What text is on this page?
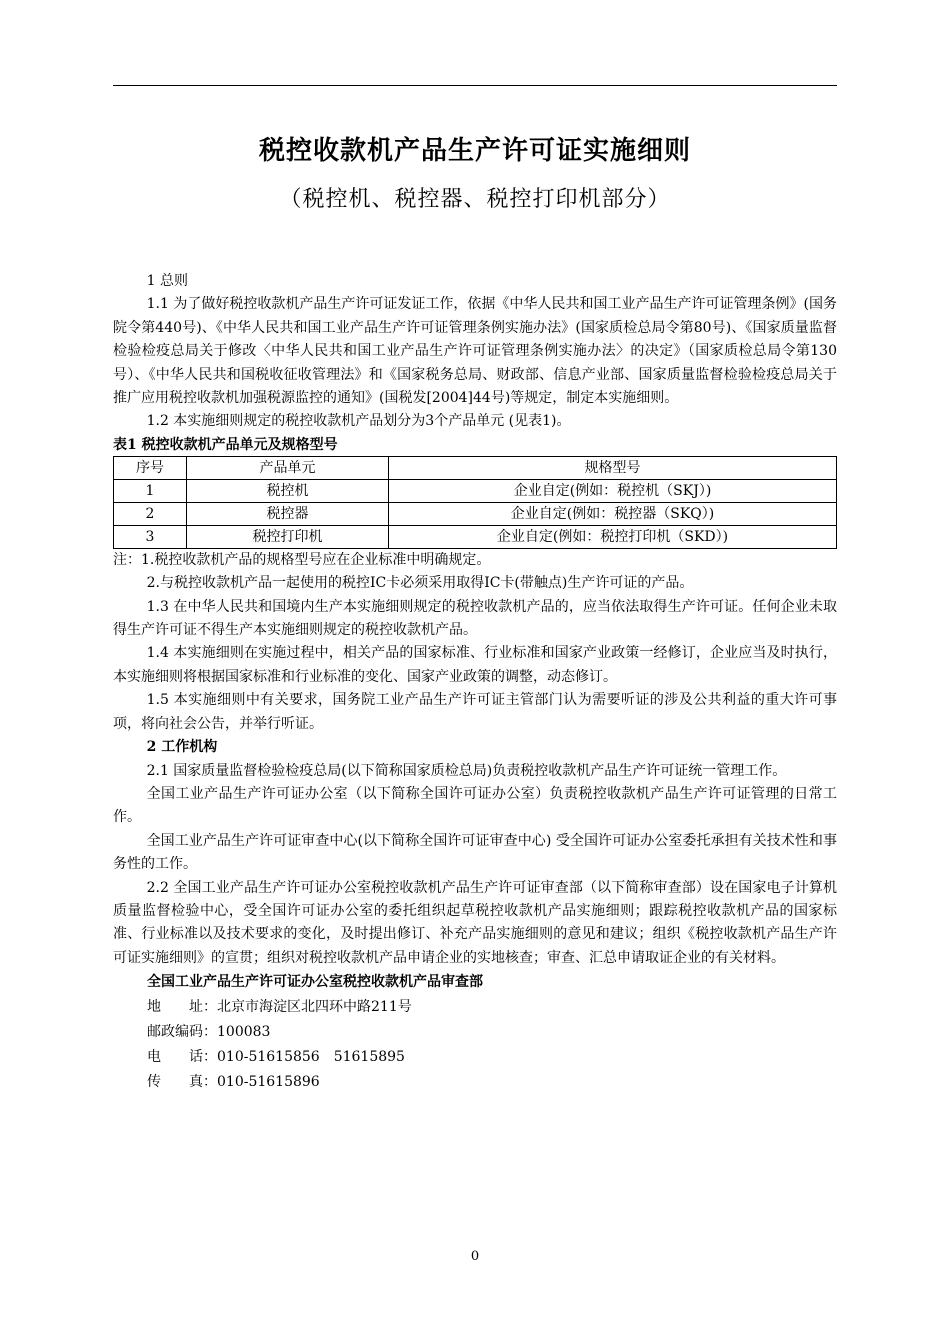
税控收款机产品生产许可证实施细则
（税控机、税控器、税控打印机部分）

1 总则

1.1 为了做好税控收款机产品生产许可证发证工作，依据《中华人民共和国工业产品生产许可证管理条例》(国务院令第440号)、《中华人民共和国工业产品生产许可证管理条例实施办法》(国家质检总局令第80号)、《国家质量监督检验检疫总局关于修改〈中华人民共和国工业产品生产许可证管理条例实施办法〉的决定》（国家质检总局令第130号）、《中华人民共和国税收征收管理法》和《国家税务总局、财政部、信息产业部、国家质量监督检验检疫总局关于推广应用税控收款机加强税源监控的通知》(国税发[2004]44号)等规定，制定本实施细则。

1.2 本实施细则规定的税控收款机产品划分为3个产品单元 (见表1)。

表1 税控收款机产品单元及规格型号

序号	产品单元	规格型号
1	税控机	企业自定(例如：税控机（SKJ）)
2	税控器	企业自定(例如：税控器（SKQ）)
3	税控打印机	企业自定(例如：税控打印机（SKD）)

注：1.税控收款机产品的规格型号应在企业标准中明确规定。

2.与税控收款机产品一起使用的税控IC卡必须采用取得IC卡(带触点)生产许可证的产品。

1.3 在中华人民共和国境内生产本实施细则规定的税控收款机产品的，应当依法取得生产许可证。任何企业未取得生产许可证不得生产本实施细则规定的税控收款机产品。

1.4 本实施细则在实施过程中，相关产品的国家标准、行业标准和国家产业政策一经修订，企业应当及时执行，本实施细则将根据国家标准和行业标准的变化、国家产业政策的调整，动态修订。

1.5 本实施细则中有关要求，国务院工业产品生产许可证主管部门认为需要听证的涉及公共利益的重大许可事项，将向社会公告，并举行听证。

2 工作机构

2.1 国家质量监督检验检疫总局(以下简称国家质检总局)负责税控收款机产品生产许可证统一管理工作。

全国工业产品生产许可证办公室（以下简称全国许可证办公室）负责税控收款机产品生产许可证管理的日常工作。

全国工业产品生产许可证审查中心(以下简称全国许可证审查中心) 受全国许可证办公室委托承担有关技术性和事务性的工作。

2.2 全国工业产品生产许可证办公室税控收款机产品生产许可证审查部（以下简称审查部）设在国家电子计算机质量监督检验中心，受全国许可证办公室的委托组织起草税控收款机产品实施细则；跟踪税控收款机产品的国家标准、行业标准以及技术要求的变化，及时提出修订、补充产品实施细则的意见和建议；组织《税控收款机产品生产许可证实施细则》的宣贯；组织对税控收款机产品申请企业的实地核查；审查、汇总申请取证企业的有关材料。

全国工业产品生产许可证办公室税控收款机产品审查部

地　　址：北京市海淀区北四环中路211号

邮政编码：100083

电　　话：010-51615856　51615895

传　　真：010-51615896

0
